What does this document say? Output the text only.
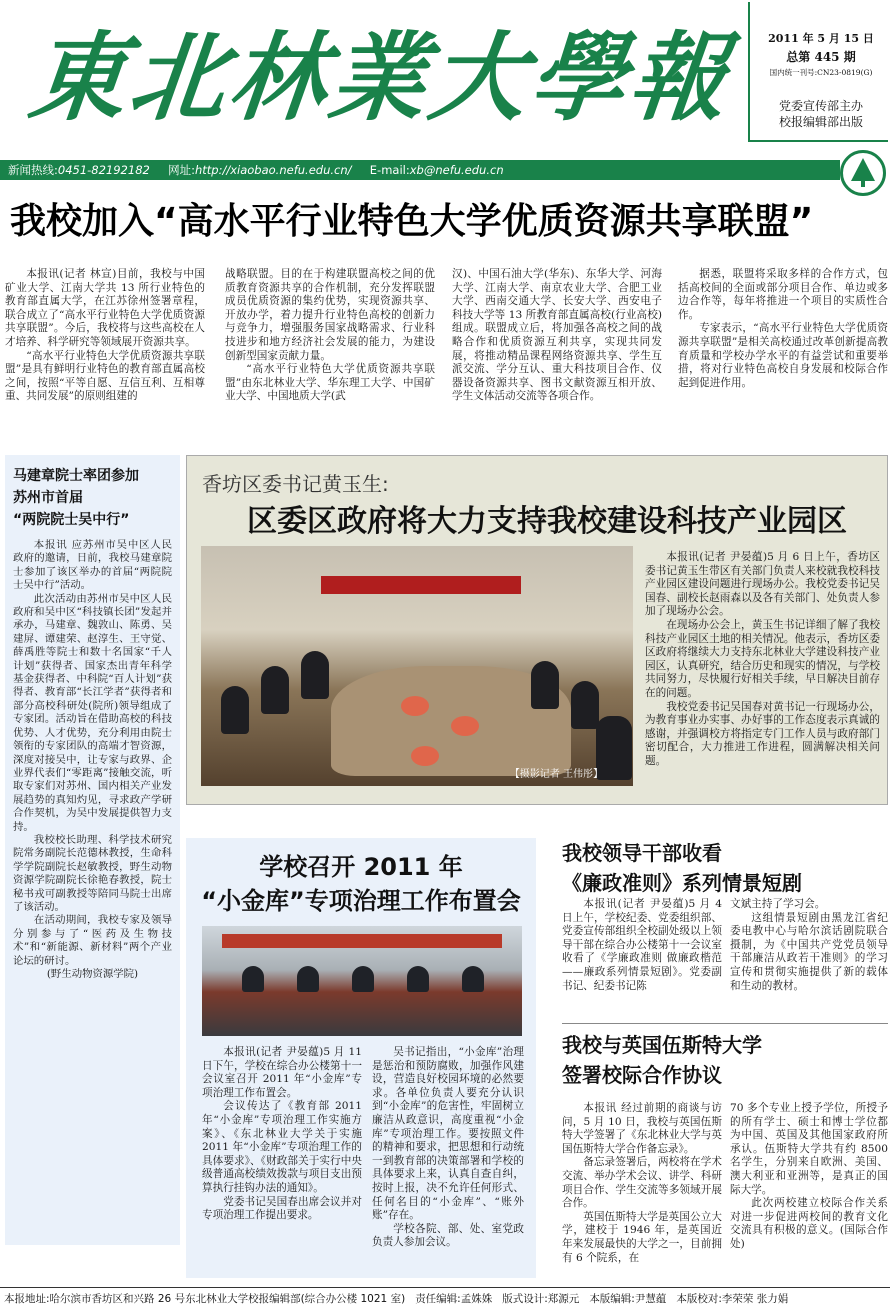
東北林業大學報	2011 年 5 月 15 日
总第 445 期
国内统一刊号:CN23-0819(G)
党委宣传部主办
校报编辑部出版
新闻热线:0451-82192182 网址:http://xiaobao.nefu.edu.cn/ E-mail:xb@nefu.edu.cn
我校加入“高水平行业特色大学优质资源共享联盟”

本报讯(记者 林宣)目前，我校与中国矿业大学、江南大学共 13 所行业特色的教育部直属大学，在江苏徐州签署章程，联合成立了“高水平行业特色大学优质资源共享联盟”。今后，我校将与这些高校在人才培养、科学研究等领域展开资源共享。

“高水平行业特色大学优质资源共享联盟”是具有鲜明行业特色的教育部直属高校之间，按照“平等自愿、互信互利、互相尊重、共同发展”的原则组建的

战略联盟。目的在于构建联盟高校之间的优质教育资源共享的合作机制，充分发挥联盟成员优质资源的集约优势，实现资源共享、开放办学，着力提升行业特色高校的创新力与竞争力，增强服务国家战略需求、行业科技进步和地方经济社会发展的能力，为建设创新型国家贡献力量。

“高水平行业特色大学优质资源共享联盟”由东北林业大学、华东理工大学、中国矿业大学、中国地质大学(武

汉)、中国石油大学(华东)、东华大学、河海大学、江南大学、南京农业大学、合肥工业大学、西南交通大学、长安大学、西安电子科技大学等 13 所教育部直属高校(行业高校)组成。联盟成立后，将加强各高校之间的战略合作和优质资源互利共享，实现共同发展，将推动精品课程网络资源共享、学生互派交流、学分互认、重大科技项目合作、仪器设备资源共享、图书文献资源互相开放、学生文体活动交流等各项合作。

据悉，联盟将采取多样的合作方式，包括高校间的全面或部分项目合作、单边或多边合作等，每年将推进一个项目的实质性合作。

专家表示，“高水平行业特色大学优质资源共享联盟”是相关高校通过改革创新提高教育质量和学校办学水平的有益尝试和重要举措，将对行业特色高校自身发展和校际合作起到促进作用。

马建章院士率团参加
苏州市首届
“两院院士吴中行”

本报讯 应苏州市吴中区人民政府的邀请，日前，我校马建章院士参加了该区举办的首届“两院院士吴中行”活动。

此次活动由苏州市吴中区人民政府和吴中区“科技镇长团”发起并承办，马建章、魏敦山、陈勇、吴建屏、谭建荣、赵淳生、王守觉、薛禹胜等院士和数十名国家“千人计划”获得者、国家杰出青年科学基金获得者、中科院“百人计划”获得者、教育部“长江学者”获得者和部分高校科研处(院所)领导组成了专家团。活动旨在借助高校的科技优势、人才优势，充分利用由院士领衔的专家团队的高端才智资源，深度对接吴中，让专家与政界、企业界代表们“零距离”接触交流，听取专家们对苏州、国内相关产业发展趋势的真知灼见，寻求政产学研合作契机，为吴中发展提供智力支持。

我校校长助理、科学技术研究院常务副院长范德林教授，生命科学学院副院长赵敏教授，野生动物资源学院副院长徐艳春教授，院士秘书戎可副教授等陪同马院士出席了该活动。

在活动期间，我校专家及领导分别参与了“医药及生物技术”和“新能源、新材料”两个产业论坛的研讨。

(野生动物资源学院)

香坊区委书记黄玉生:
区委区政府将大力支持我校建设科技产业园区
【摄影记者 王伟彤】

本报讯(记者 尹晏蕴)5 月 6 日上午，香坊区委书记黄玉生带区有关部门负责人来校就我校科技产业园区建设问题进行现场办公。我校党委书记吴国春、副校长赵雨森以及各有关部门、处负责人参加了现场办公会。

在现场办公会上，黄玉生书记详细了解了我校科技产业园区土地的相关情况。他表示，香坊区委区政府将继续大力支持东北林业大学建设科技产业园区，认真研究，结合历史和现实的情况，与学校共同努力，尽快履行好相关手续，早日解决目前存在的问题。

我校党委书记吴国春对黄书记一行现场办公，为教育事业办实事、办好事的工作态度表示真诚的感谢，并强调校方将指定专门工作人员与政府部门密切配合，大力推进工作进程，圆满解决相关问题。

学校召开 2011 年
“小金库”专项治理工作布置会

本报讯(记者 尹晏蕴)5 月 11 日下午，学校在综合办公楼第十一会议室召开 2011 年“小金库”专项治理工作布置会。

会议传达了《教育部 2011 年“小金库”专项治理工作实施方案》、《东北林业大学关于实施 2011 年“小金库”专项治理工作的具体要求》、《财政部关于实行中央级普通高校绩效拨款与项目支出预算执行挂钩办法的通知》。

党委书记吴国春出席会议并对专项治理工作提出要求。

吴书记指出，“小金库”治理是惩治和预防腐败，加强作风建设，营造良好校园环境的必然要求。各单位负责人要充分认识到“小金库”的危害性，牢固树立廉洁从政意识，高度重视“小金库”专项治理工作。要按照文件的精神和要求，把思想和行动统一到教育部的决策部署和学校的具体要求上来，认真自查自纠，按时上报，决不允许任何形式、任何名目的“小金库”、“账外账”存在。

学校各院、部、处、室党政负责人参加会议。

我校领导干部收看
《廉政准则》系列情景短剧

本报讯(记者 尹晏蕴)5 月 4 日上午，学校纪委、党委组织部、党委宣传部组织全校副处级以上领导干部在综合办公楼第十一会议室收看了《学廉政准则 做廉政楷范——廉政系列情景短剧》。党委副书记、纪委书记陈

文斌主持了学习会。

这组情景短剧由黑龙江省纪委电教中心与哈尔滨话剧院联合摄制，为《中国共产党党员领导干部廉洁从政若干准则》的学习宣传和贯彻实施提供了新的载体和生动的教材。

我校与英国伍斯特大学
签署校际合作协议

本报讯 经过前期的商谈与访问，5 月 10 日，我校与英国伍斯特大学签署了《东北林业大学与英国伍斯特大学合作备忘录》。

备忘录签署后，两校将在学术交流、举办学术会议、讲学、科研项目合作、学生交流等多领域开展合作。

英国伍斯特大学是英国公立大学，建校于 1946 年，是英国近年来发展最快的大学之一，目前拥有 6 个院系，在

70 多个专业上授予学位，所授予的所有学士、硕士和博士学位都为中国、英国及其他国家政府所承认。伍斯特大学共有约 8500 名学生，分别来自欧洲、美国、澳大利亚和亚洲等，是真正的国际大学。

此次两校建立校际合作关系对进一步促进两校间的教育文化交流具有积极的意义。(国际合作处)

本报地址:哈尔滨市香坊区和兴路 26 号东北林业大学校报编辑部(综合办公楼 1021 室) 责任编辑:孟姝姝 版式设计:郑源元 本版编辑:尹慧蕴 本版校对:李荣荣 张力娟
